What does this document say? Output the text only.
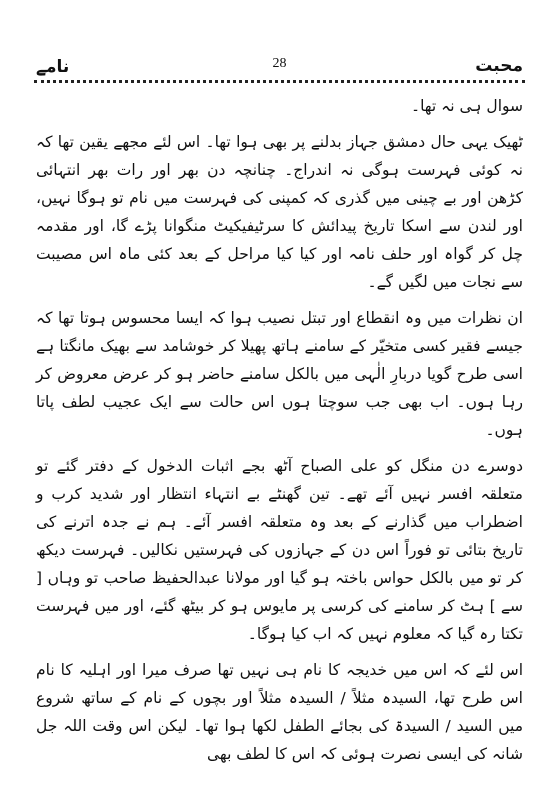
محبت
28
نامے

سوال ہی نہ تھا۔

ٹھیک یہی حال دمشق جہاز بدلنے پر بھی ہوا تھا۔ اس لئے مجھے یقین تھا کہ نہ کوئی فہرست ہوگی نہ اندراج۔ چنانچہ دن بھر اور رات بھر انتہائی کڑھن اور بے چینی میں گذری کہ کمپنی کی فہرست میں نام تو ہوگا نہیں، اور لندن سے اسکا تاریخ پیدائش کا سرٹیفیکیٹ منگوانا پڑے گا، اور مقدمہ چل کر گواہ اور حلف نامہ اور کیا کیا مراحل کے بعد کئی ماہ اس مصیبت سے نجات میں لگیں گے۔

ان نظرات میں وہ انقطاع اور تبتل نصیب ہوا کہ ایسا محسوس ہوتا تھا کہ جیسے فقیر کسی متخیّر کے سامنے ہاتھ پھیلا کر خوشامد سے بھیک مانگتا ہے اسی طرح گویا دربارِ الٰہی میں بالکل سامنے حاضر ہو کر عرض معروض کر رہا ہوں۔ اب بھی جب سوچتا ہوں اس حالت سے ایک عجیب لطف پاتا ہوں۔

دوسرے دن منگل کو علی الصباح آٹھ بجے اثبات الدخول کے دفتر گئے تو متعلقہ افسر نہیں آئے تھے۔ تین گھنٹے بے انتہاء انتظار اور شدید کرب و اضطراب میں گذارنے کے بعد وہ متعلقہ افسر آئے۔ ہم نے جدہ اترنے کی تاریخ بتائی تو فوراً اس دن کے جہازوں کی فہرستیں نکالیں۔ فہرست دیکھ کر تو میں بالکل حواس باختہ ہو گیا اور مولانا عبدالحفیظ صاحب تو وہاں [ سے ] ہٹ کر سامنے کی کرسی پر مایوس ہو کر بیٹھ گئے، اور میں فہرست تکتا رہ گیا کہ معلوم نہیں کہ اب کیا ہوگا۔

اس لئے کہ اس میں خدیجہ کا نام ہی نہیں تھا صرف میرا اور اہلیہ کا نام اس طرح تھا، السیدہ مثلاً / السیدہ مثلاً اور بچوں کے نام کے ساتھ شروع میں السید / السیدۃ کی بجائے الطفل لکھا ہوا تھا۔ لیکن اس وقت اللہ جل شانہ کی ایسی نصرت ہوئی کہ اس کا لطف بھی
